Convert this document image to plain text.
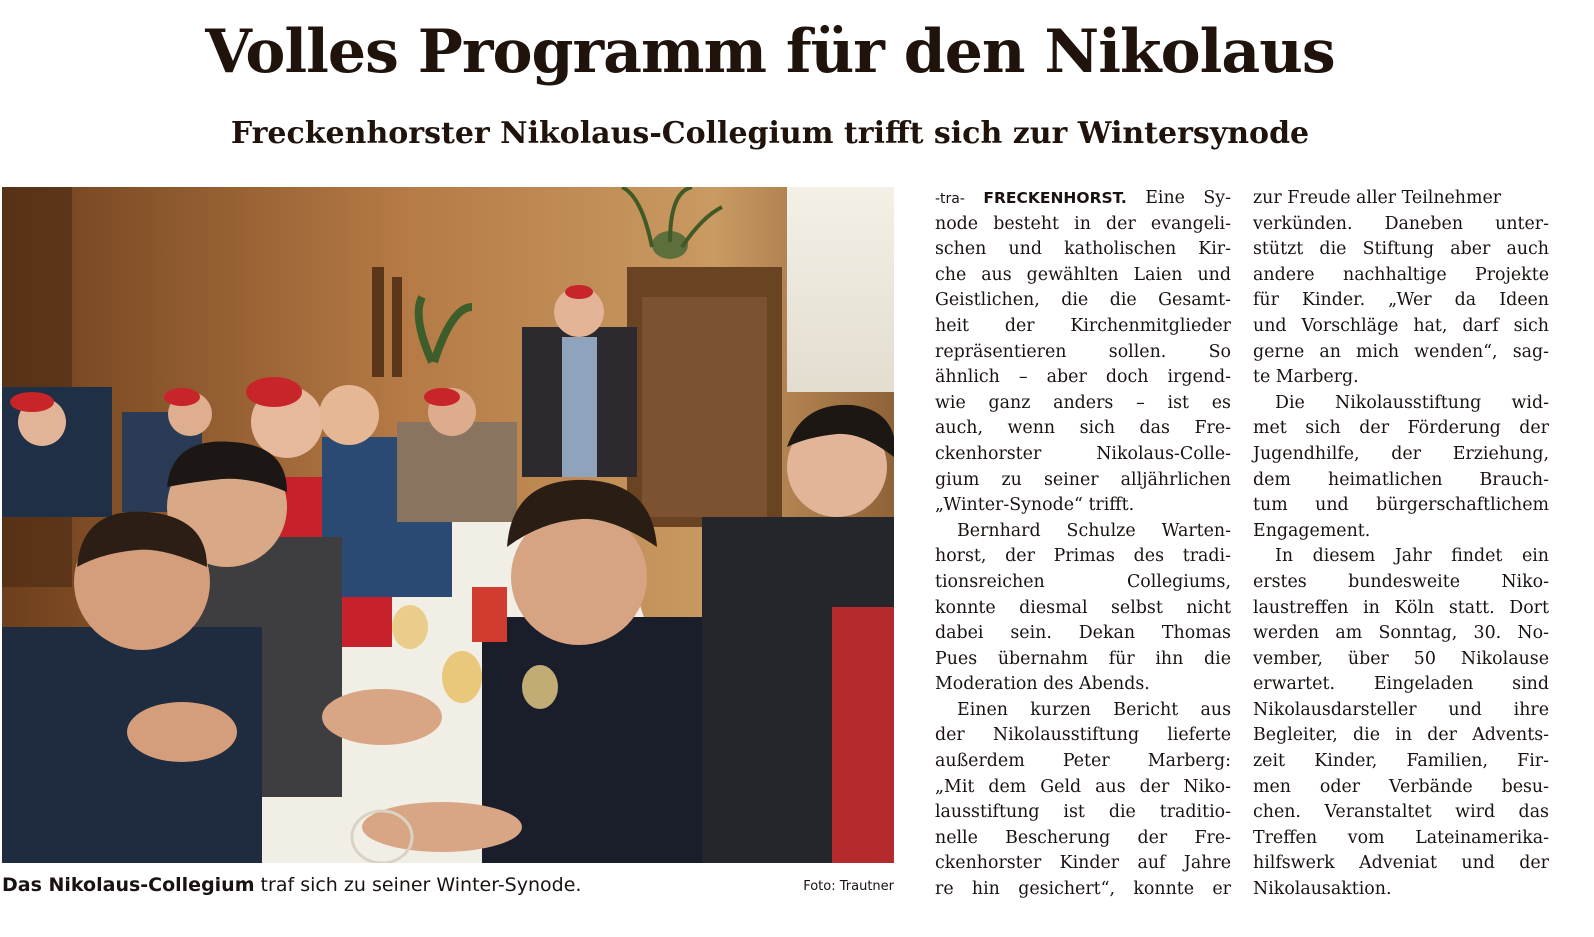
Volles Programm für den Nikolaus
Freckenhorster Nikolaus-Collegium trifft sich zur Wintersynode
Das Nikolaus-Collegium traf sich zu seiner Winter-Synode.	Foto: Trautner
-tra- FRECKENHORST. Eine Sy-
node besteht in der evangeli-
schen und katholischen Kir-
che aus gewählten Laien und
Geistlichen, die die Gesamt-
heit der Kirchenmitglieder
repräsentieren sollen. So
ähnlich – aber doch irgend-
wie ganz anders – ist es
auch, wenn sich das Fre-
ckenhorster Nikolaus-Colle-
gium zu seiner alljährlichen
„Winter-Synode“ trifft.
Bernhard Schulze Warten-
horst, der Primas des tradi-
tionsreichen Collegiums,
konnte diesmal selbst nicht
dabei sein. Dekan Thomas
Pues übernahm für ihn die
Moderation des Abends.
Einen kurzen Bericht aus
der Nikolausstiftung lieferte
außerdem Peter Marberg:
„Mit dem Geld aus der Niko-
lausstiftung ist die traditio-
nelle Bescherung der Fre-
ckenhorster Kinder auf Jahre
re hin gesichert“, konnte er
zur Freude aller Teilnehmer
verkünden. Daneben unter-
stützt die Stiftung aber auch
andere nachhaltige Projekte
für Kinder. „Wer da Ideen
und Vorschläge hat, darf sich
gerne an mich wenden“, sag-
te Marberg.
Die Nikolausstiftung wid-
met sich der Förderung der
Jugendhilfe, der Erziehung,
dem heimatlichen Brauch-
tum und bürgerschaftlichem
Engagement.
In diesem Jahr findet ein
erstes bundesweite Niko-
laustreffen in Köln statt. Dort
werden am Sonntag, 30. No-
vember, über 50 Nikolause
erwartet. Eingeladen sind
Nikolausdarsteller und ihre
Begleiter, die in der Advents-
zeit Kinder, Familien, Fir-
men oder Verbände besu-
chen. Veranstaltet wird das
Treffen vom Lateinamerika-
hilfswerk Adveniat und der
Nikolausaktion.
